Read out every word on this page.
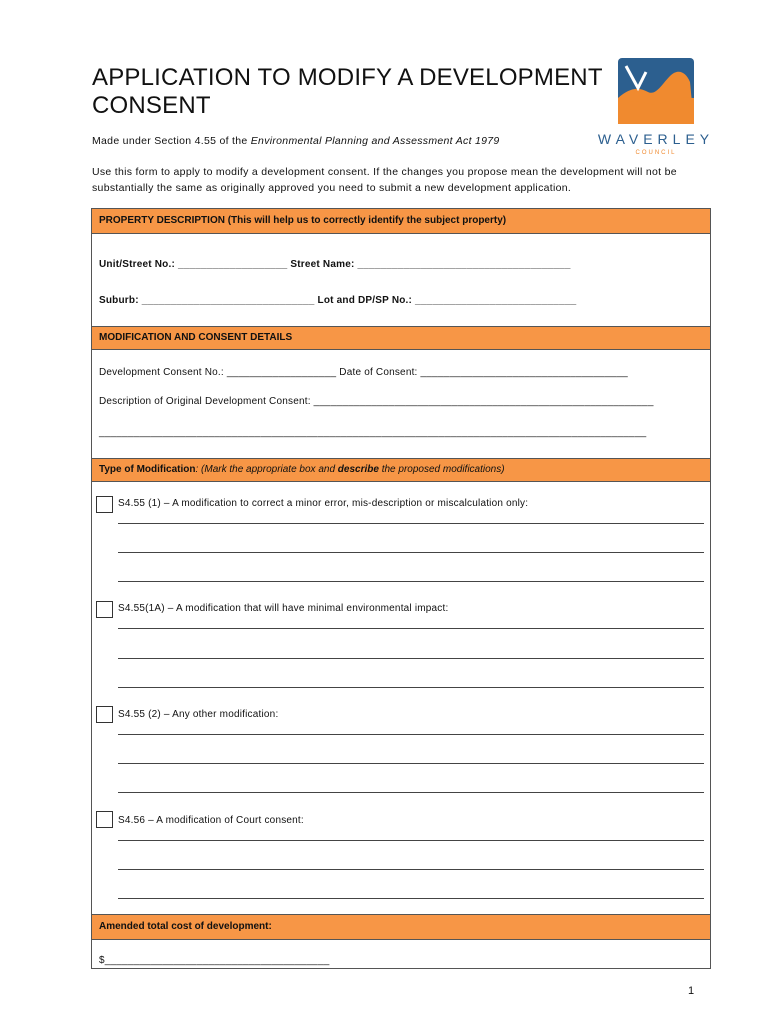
APPLICATION TO MODIFY A DEVELOPMENT CONSENT
Made under Section 4.55 of the Environmental Planning and Assessment Act 1979
Use this form to apply to modify a development consent. If the changes you propose mean the development will not be substantially the same as originally approved you need to submit a new development application.
WAVERLEY
COUNCIL
PROPERTY DESCRIPTION (This will help us to correctly identify the subject property)
Unit/Street No.: ___________________ Street Name: _____________________________________
Suburb: ______________________________ Lot and DP/SP No.: ____________________________
MODIFICATION AND CONSENT DETAILS
Development Consent No.: ___________________ Date of Consent: ____________________________________
Description of Original Development Consent: ___________________________________________________________
_______________________________________________________________________________________________
Type of Modification: (Mark the appropriate box and describe the proposed modifications)
S4.55 (1) – A modification to correct a minor error, mis-description or miscalculation only:
S4.55(1A) – A modification that will have minimal environmental impact:
S4.55 (2) – Any other modification:
S4.56 – A modification of Court consent:
Amended total cost of development:
$_______________________________________
1
